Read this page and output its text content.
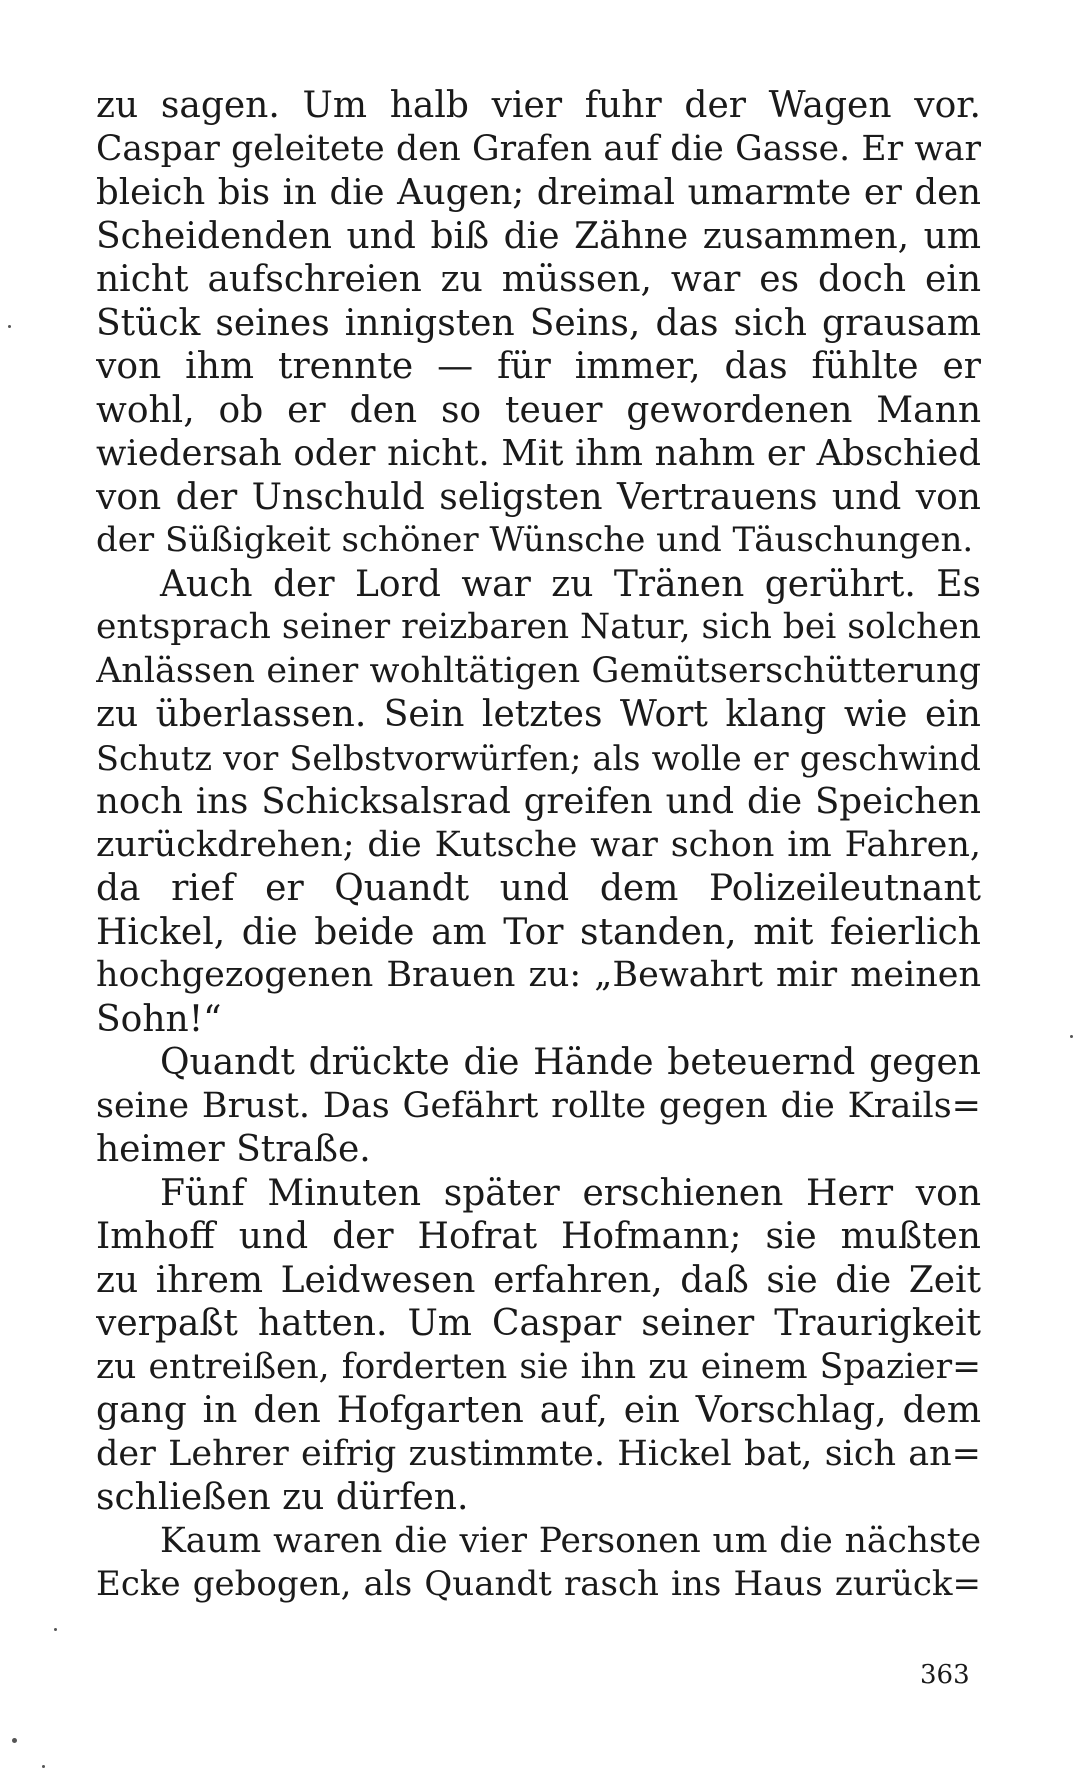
zu sagen. Um halb vier fuhr der Wagen vor.
Caspar geleitete den Grafen auf die Gasse. Er war
bleich bis in die Augen; dreimal umarmte er den
Scheidenden und biß die Zähne zusammen, um
nicht aufschreien zu müssen, war es doch ein
Stück seines innigsten Seins, das sich grausam
von ihm trennte — für immer, das fühlte er
wohl, ob er den so teuer gewordenen Mann
wiedersah oder nicht. Mit ihm nahm er Abschied
von der Unschuld seligsten Vertrauens und von
der Süßigkeit schöner Wünsche und Täuschungen.
Auch der Lord war zu Tränen gerührt. Es
entsprach seiner reizbaren Natur, sich bei solchen
Anlässen einer wohltätigen Gemütserschütterung
zu überlassen. Sein letztes Wort klang wie ein
Schutz vor Selbstvorwürfen; als wolle er geschwind
noch ins Schicksalsrad greifen und die Speichen
zurückdrehen; die Kutsche war schon im Fahren,
da rief er Quandt und dem Polizeileutnant
Hickel, die beide am Tor standen, mit feierlich
hochgezogenen Brauen zu: „Bewahrt mir meinen
Sohn!“
Quandt drückte die Hände beteuernd gegen
seine Brust. Das Gefährt rollte gegen die Krails=
heimer Straße.
Fünf Minuten später erschienen Herr von
Imhoff und der Hofrat Hofmann; sie mußten
zu ihrem Leidwesen erfahren, daß sie die Zeit
verpaßt hatten. Um Caspar seiner Traurigkeit
zu entreißen, forderten sie ihn zu einem Spazier=
gang in den Hofgarten auf, ein Vorschlag, dem
der Lehrer eifrig zustimmte. Hickel bat, sich an=
schließen zu dürfen.
Kaum waren die vier Personen um die nächste
Ecke gebogen, als Quandt rasch ins Haus zurück=
363
